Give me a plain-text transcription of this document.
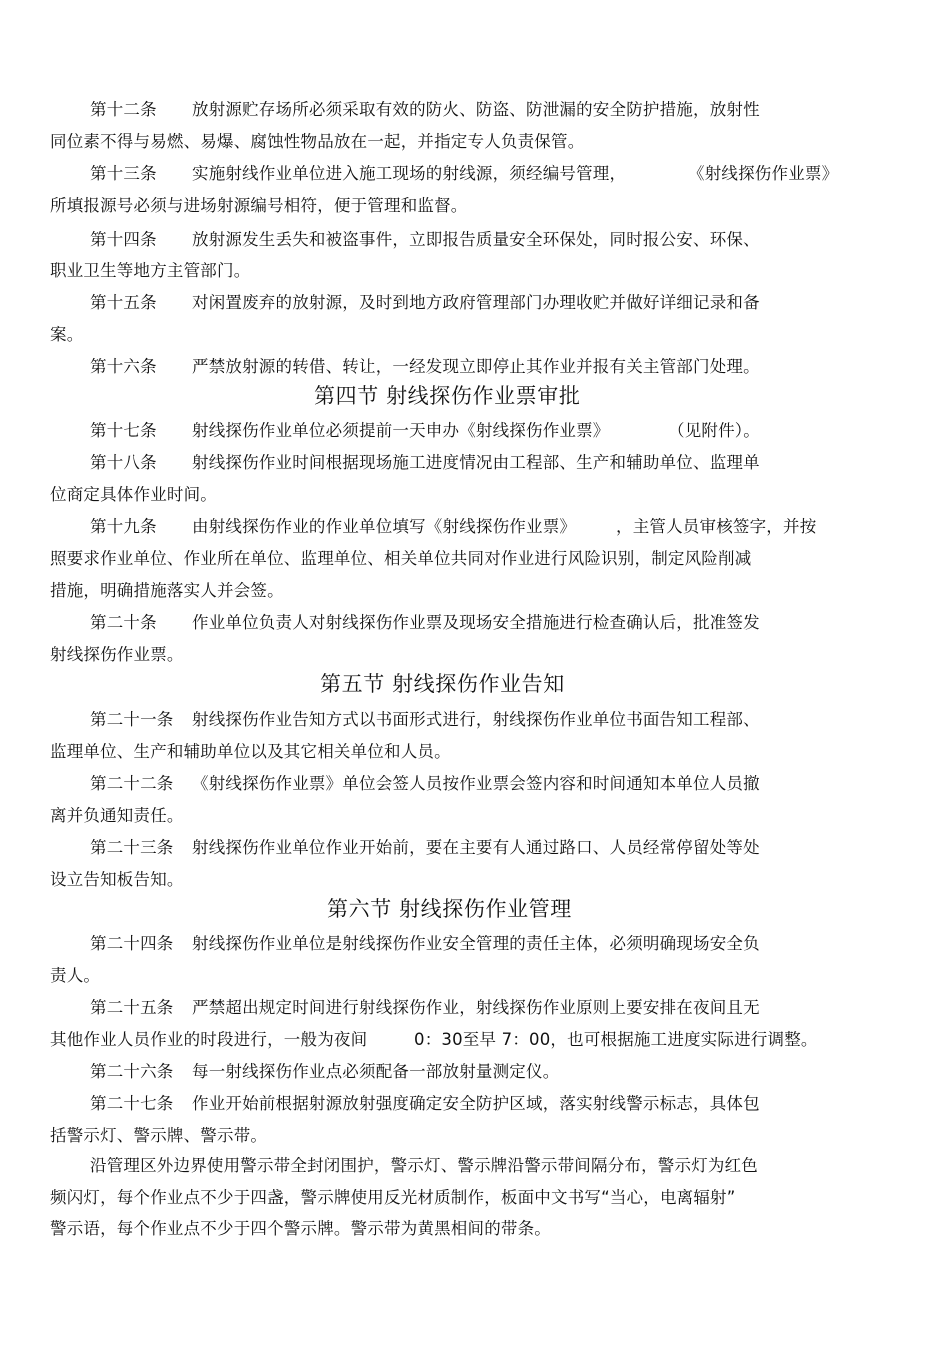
第十二条 放射源贮存场所必须采取有效的防火、防盗、防泄漏的安全防护措施，放射性
同位素不得与易燃、易爆、腐蚀性物品放在一起，并指定专人负责保管。
第十三条 实施射线作业单位进入施工现场的射线源，须经编号管理，	《射线探伤作业票》
所填报源号必须与进场射源编号相符，便于管理和监督。
第十四条 放射源发生丢失和被盗事件，立即报告质量安全环保处，同时报公安、环保、
职业卫生等地方主管部门。
第十五条 对闲置废弃的放射源，及时到地方政府管理部门办理收贮并做好详细记录和备
案。
第十六条 严禁放射源的转借、转让，一经发现立即停止其作业并报有关主管部门处理。
第四节 射线探伤作业票审批
第十七条 射线探伤作业单位必须提前一天申办《射线探伤作业票》	（见附件）。
第十八条 射线探伤作业时间根据现场施工进度情况由工程部、生产和辅助单位、监理单
位商定具体作业时间。
第十九条 由射线探伤作业的作业单位填写《射线探伤作业票》 ，主管人员审核签字，并按
照要求作业单位、作业所在单位、监理单位、相关单位共同对作业进行风险识别，制定风险削减
措施，明确措施落实人并会签。
第二十条 作业单位负责人对射线探伤作业票及现场安全措施进行检查确认后，批准签发
射线探伤作业票。
第五节 射线探伤作业告知
第二十一条 射线探伤作业告知方式以书面形式进行，射线探伤作业单位书面告知工程部、
监理单位、生产和辅助单位以及其它相关单位和人员。
第二十二条 《射线探伤作业票》单位会签人员按作业票会签内容和时间通知本单位人员撤
离并负通知责任。
第二十三条 射线探伤作业单位作业开始前，要在主要有人通过路口、人员经常停留处等处
设立告知板告知。
第六节 射线探伤作业管理
第二十四条 射线探伤作业单位是射线探伤作业安全管理的责任主体，必须明确现场安全负
责人。
第二十五条 严禁超出规定时间进行射线探伤作业，射线探伤作业原则上要安排在夜间且无
其他作业人员作业的时段进行，一般为夜间	0：30至早 7：00，也可根据施工进度实际进行调整。
第二十六条 每一射线探伤作业点必须配备一部放射量测定仪。
第二十七条 作业开始前根据射源放射强度确定安全防护区域，落实射线警示标志，具体包
括警示灯、警示牌、警示带。
沿管理区外边界使用警示带全封闭围护，警示灯、警示牌沿警示带间隔分布，警示灯为红色
频闪灯，每个作业点不少于四盏，警示牌使用反光材质制作，板面中文书写“当心，电离辐射”
警示语，每个作业点不少于四个警示牌。警示带为黄黑相间的带条。
